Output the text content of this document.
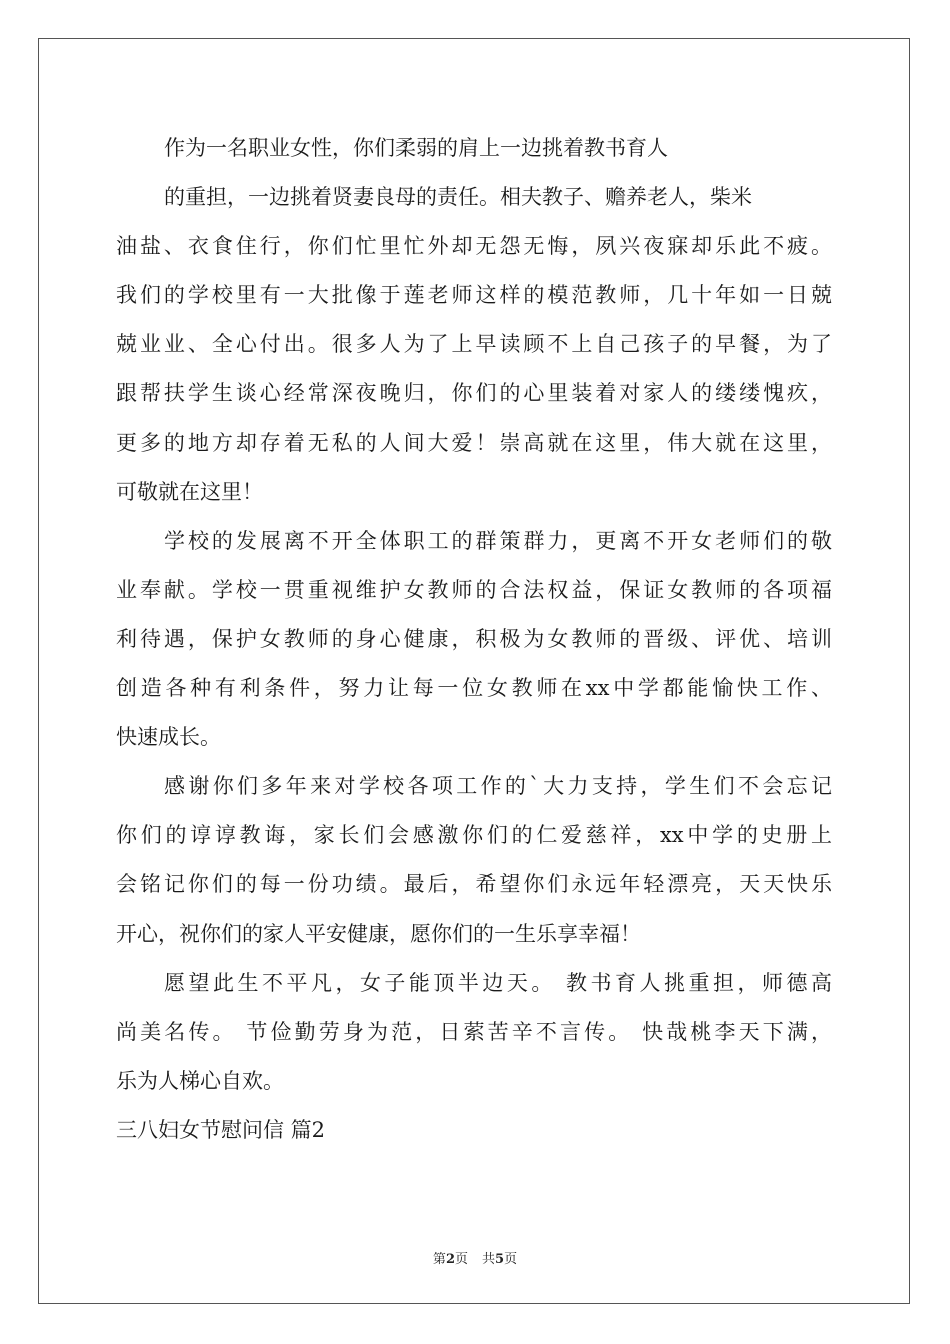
作为一名职业女性，你们柔弱的肩上一边挑着教书育人
的重担，一边挑着贤妻良母的责任。相夫教子、赡养老人，柴米
油盐、衣食住行，你们忙里忙外却无怨无悔，夙兴夜寐却乐此不疲。
我们的学校里有一大批像于莲老师这样的模范教师，几十年如一日兢
兢业业、全心付出。很多人为了上早读顾不上自己孩子的早餐，为了
跟帮扶学生谈心经常深夜晚归，你们的心里装着对家人的缕缕愧疚，
更多的地方却存着无私的人间大爱！崇高就在这里，伟大就在这里，
可敬就在这里！
学校的发展离不开全体职工的群策群力，更离不开女老师们的敬
业奉献。学校一贯重视维护女教师的合法权益，保证女教师的各项福
利待遇，保护女教师的身心健康，积极为女教师的晋级、评优、培训
创造各种有利条件，努力让每一位女教师在xx中学都能愉快工作、
快速成长。
感谢你们多年来对学校各项工作的`大力支持，学生们不会忘记
你们的谆谆教诲，家长们会感激你们的仁爱慈祥，xx中学的史册上
会铭记你们的每一份功绩。最后，希望你们永远年轻漂亮，天天快乐
开心，祝你们的家人平安健康，愿你们的一生乐享幸福！
愿望此生不平凡，女子能顶半边天。 教书育人挑重担，师德高
尚美名传。 节俭勤劳身为范，日萦苦辛不言传。 快哉桃李天下满，
乐为人梯心自欢。
三八妇女节慰问信 篇2
第2页 共5页
